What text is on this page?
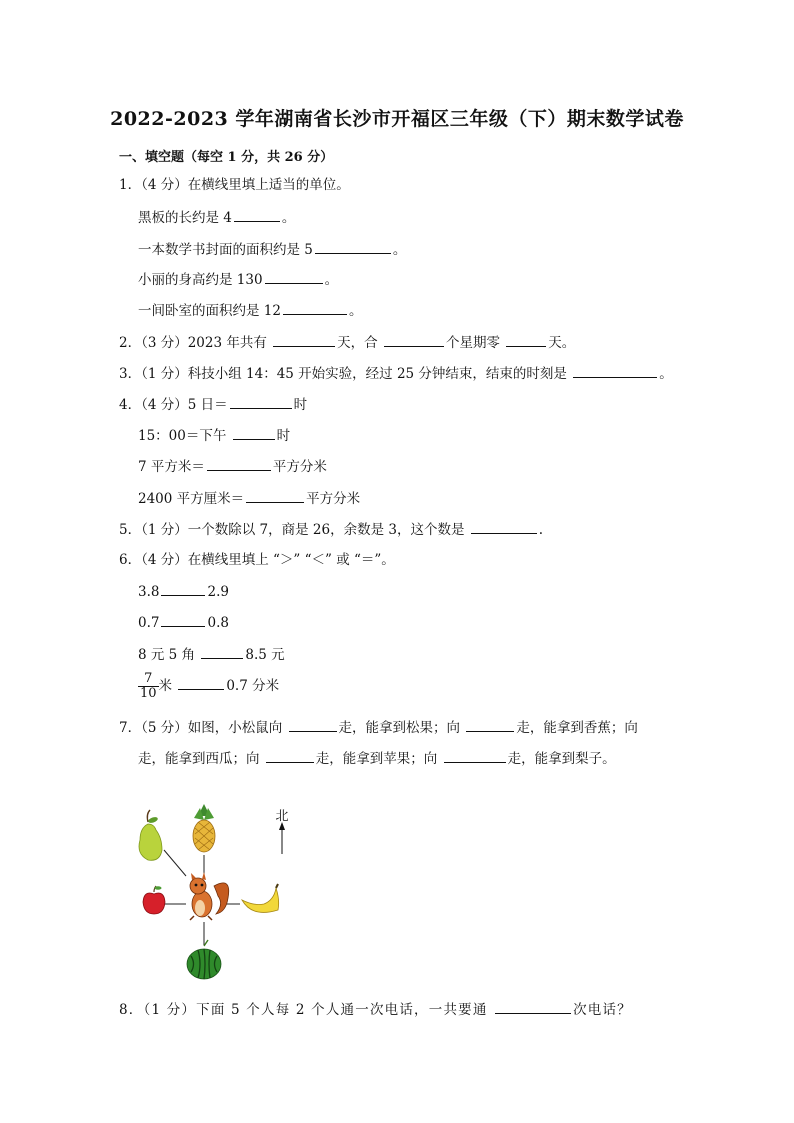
2022-2023 学年湖南省长沙市开福区三年级（下）期末数学试卷
一、填空题（每空 1 分，共 26 分）
1．（4 分）在横线里填上适当的单位。
黑板的长约是 4	。
一本数学书封面的面积约是 5	。
小丽的身高约是 130	。
一间卧室的面积约是 12	。
2．（3 分）2023 年共有	天，合	个星期零	天。
3．（1 分）科技小组 14：45 开始实验，经过 25 分钟结束，结束的时刻是	。
4．（4 分）5 日＝	时
15：00＝下午	时
7 平方米＝	平方分米
2400 平方厘米＝	平方分米
5．（1 分）一个数除以 7，商是 26，余数是 3，这个数是	.
6．（4 分）在横线里填上 “＞” “＜” 或 “＝”。
3.8	2.9
0.7	0.8
8 元 5 角	8.5 元
$\frac{7}{10}$ 米	0.7 分米
7．（5 分）如图，小松鼠向	走，能拿到松果；向	走，能拿到香蕉；向
走，能拿到西瓜；向	走，能拿到苹果；向	走，能拿到梨子。
北
8．（1 分）下面 5 个人每 2 个人通一次电话，一共要通	次电话？
